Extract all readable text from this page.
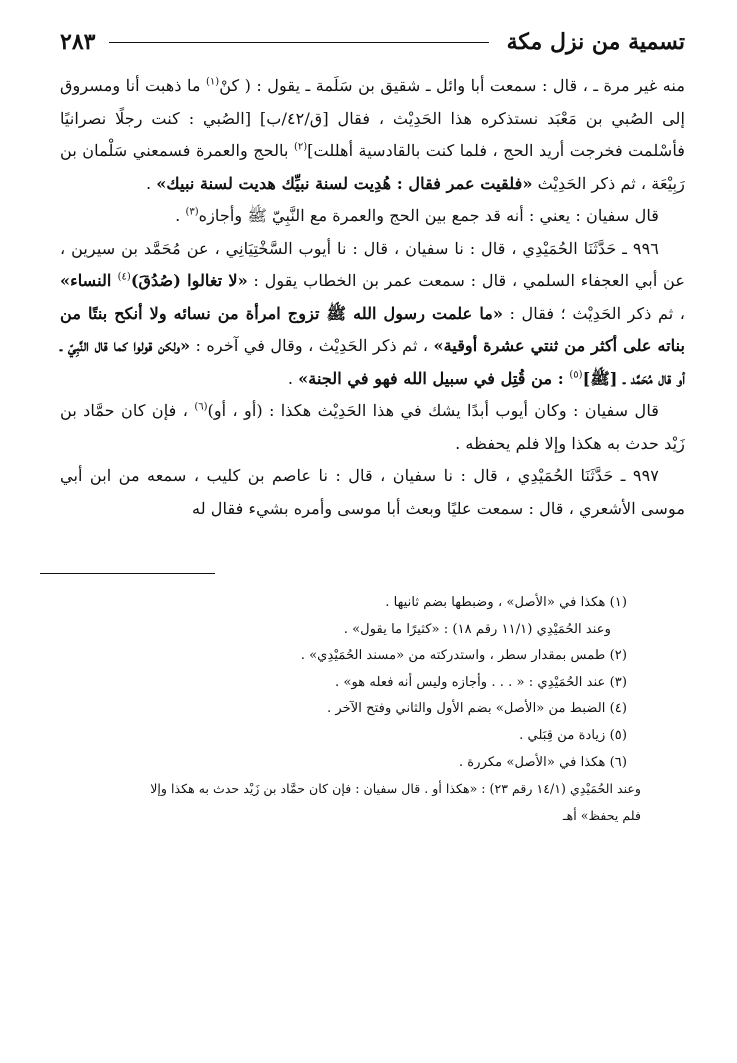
تسمية من نزل مكة
٢٨٣

منه غير مرة ـ ، قال : سمعت أبا وائل ـ شقيق بن سَلَمة ـ يقول : ( كنْ$^{(١)}$ ما ذهبت أنا ومسروق إلى الصُبي بن مَعْبَد نستذكره هذا الحَدِيْث ، فقال [ق/٤٢/ب] [الصُبي : كنت رجلًا نصرانيًا فأسْلمت فخرجت أريد الحج ، فلما كنت بالقادسية أهللت]$^{(٢)}$ بالحج والعمرة فسمعني سَلْمان بن رَبِيْعَة ، ثم ذكر الحَدِيْث «فلقيت عمر فقال : هُدِيت لسنة نبيِّك هديت لسنة نبيك» .

قال سفيان : يعني : أنه قد جمع بين الحج والعمرة مع النَّبِيّ ﷺ وأجازه$^{(٣)}$ .

٩٩٦ ـ حَدَّثَنَا الحُمَيْدِي ، قال : نا سفيان ، قال : نا أيوب السَّخْتِيَانِي ، عن مُحَمَّد بن سيرين ، عن أبي العجفاء السلمي ، قال : سمعت عمر بن الخطاب يقول : «لا تغالوا (صُدُقَ)$^{(٤)}$ النساء» ، ثم ذكر الحَدِيْث ؛ فقال : «ما علمت رسول الله ﷺ تزوج امرأة من نسائه ولا أنكح بنتًا من بناته على أكثر من ثنتي عشرة أوقية» ، ثم ذكر الحَدِيْث ، وقال في آخره : «ولكن قولوا كما قال النَّبِيّ ـ أو قال مُحَمَّد ـ [ﷺ]$^{(٥)}$ : من قُتِل في سبيل الله فهو في الجنة» .

قال سفيان : وكان أيوب أبدًا يشك في هذا الحَدِيْث هكذا : (أو ، أو)$^{(٦)}$ ، فإن كان حمَّاد بن زَيْد حدث به هكذا وإلا فلم يحفظه .

٩٩٧ ـ حَدَّثَنَا الحُمَيْدِي ، قال : نا سفيان ، قال : نا عاصم بن كليب ، سمعه من ابن أبي موسى الأشعري ، قال : سمعت عليًا وبعث أبا موسى وأمره بشيء فقال له

(١) هكذا في «الأصل» ، وضبطها بضم ثانيها .

وعند الحُمَيْدِي (١١/١ رقم ١٨) : «كثيرًا ما يقول» .

(٢) طمس بمقدار سطر ، واستدركته من «مسند الحُمَيْدِي» .

(٣) عند الحُمَيْدِي : « . . . وأجازه وليس أنه فعله هو» .

(٤) الضبط من «الأصل» بضم الأول والثاني وفتح الآخر .

(٥) زيادة من قِبَلي .

(٦) هكذا في «الأصل» مكررة .

وعند الحُمَيْدِي (١٤/١ رقم ٢٣) : «هكذا أو . قال سفيان : فإن كان حمَّاد بن زَيْد حدث به هكذا وإلا

فلم يحفظ» أهـ
